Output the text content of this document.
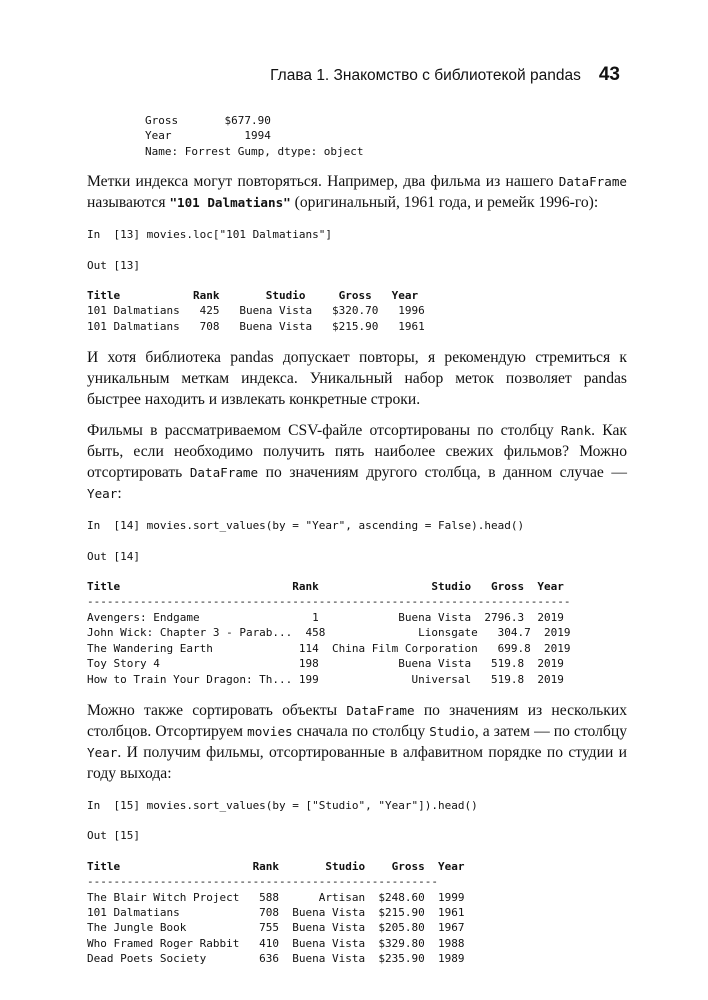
Глава 1. Знакомство с библиотекой pandas 43
Gross       $677.90
Year           1994
Name: Forrest Gump, dtype: object

Метки индекса могут повторяться. Например, два фильма из нашего DataFrame называются "101 Dalmatians" (оригинальный, 1961 года, и ремейк 1996-го):

In  [13] movies.loc["101 Dalmatians"]
Out [13]
Title           Rank       Studio     Gross   Year
101 Dalmatians   425   Buena Vista   $320.70   1996
101 Dalmatians   708   Buena Vista   $215.90   1961

И хотя библиотека pandas допускает повторы, я рекомендую стремиться к уникальным меткам индекса. Уникальный набор меток позволяет pandas быстрее находить и извлекать конкретные строки.

Фильмы в рассматриваемом CSV-файле отсортированы по столбцу Rank. Как быть, если необходимо получить пять наиболее свежих фильмов? Можно отсортировать DataFrame по значениям другого столбца, в данном случае — Year:

In  [14] movies.sort_values(by = "Year", ascending = False).head()
Out [14]
Title                          Rank                 Studio   Gross  Year
-------------------------------------------------------------------------
Avengers: Endgame                 1            Buena Vista  2796.3  2019
John Wick: Chapter 3 - Parab...  458              Lionsgate   304.7  2019
The Wandering Earth             114  China Film Corporation   699.8  2019
Toy Story 4                     198            Buena Vista   519.8  2019
How to Train Your Dragon: Th... 199              Universal   519.8  2019

Можно также сортировать объекты DataFrame по значениям из нескольких столбцов. Отсортируем movies сначала по столбцу Studio, а затем — по столбцу Year. И получим фильмы, отсортированные в алфавитном порядке по студии и году выхода:

In  [15] movies.sort_values(by = ["Studio", "Year"]).head()
Out [15]
Title                    Rank       Studio    Gross  Year
-----------------------------------------------------
The Blair Witch Project   588      Artisan  $248.60  1999
101 Dalmatians            708  Buena Vista  $215.90  1961
The Jungle Book           755  Buena Vista  $205.80  1967
Who Framed Roger Rabbit   410  Buena Vista  $329.80  1988
Dead Poets Society        636  Buena Vista  $235.90  1989
